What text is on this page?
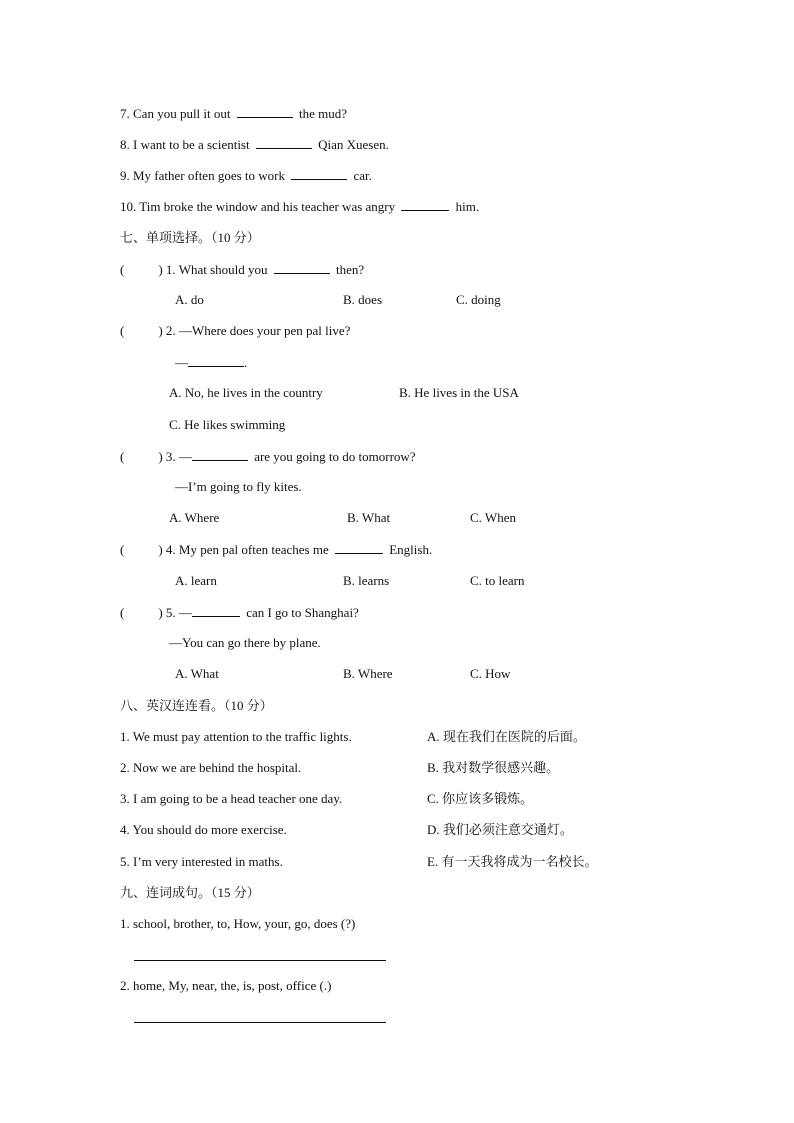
7. Can you pull it out	the mud?
8. I want to be a scientist	Qian Xuesen.
9. My father often goes to work	car.
10. Tim broke the window and his teacher was angry	him.
七、单项选择。（10 分）
(	) 1. What should you	then?
A. do	B. does	C. doing
(	) 2. —Where does your pen pal live?
—	.
A. No, he lives in the country	B. He lives in the USA
C. He likes swimming
(	) 3. —	are you going to do tomorrow?
—I’m going to fly kites.
A. Where	B. What	C. When
(	) 4. My pen pal often teaches me	English.
A. learn	B. learns	C. to learn
(	) 5. —	can I go to Shanghai?
—You can go there by plane.
A. What	B. Where	C. How
八、英汉连连看。（10 分）
1. We must pay attention to the traffic lights.	A. 现在我们在医院的后面。
2. Now we are behind the hospital.	B. 我对数学很感兴趣。
3. I am going to be a head teacher one day.	C. 你应该多锻炼。
4. You should do more exercise.	D. 我们必须注意交通灯。
5. I’m very interested in maths.	E. 有一天我将成为一名校长。
九、连词成句。（15 分）
1. school, brother, to, How, your, go, does (?)
2. home, My, near, the, is, post, office (.)
